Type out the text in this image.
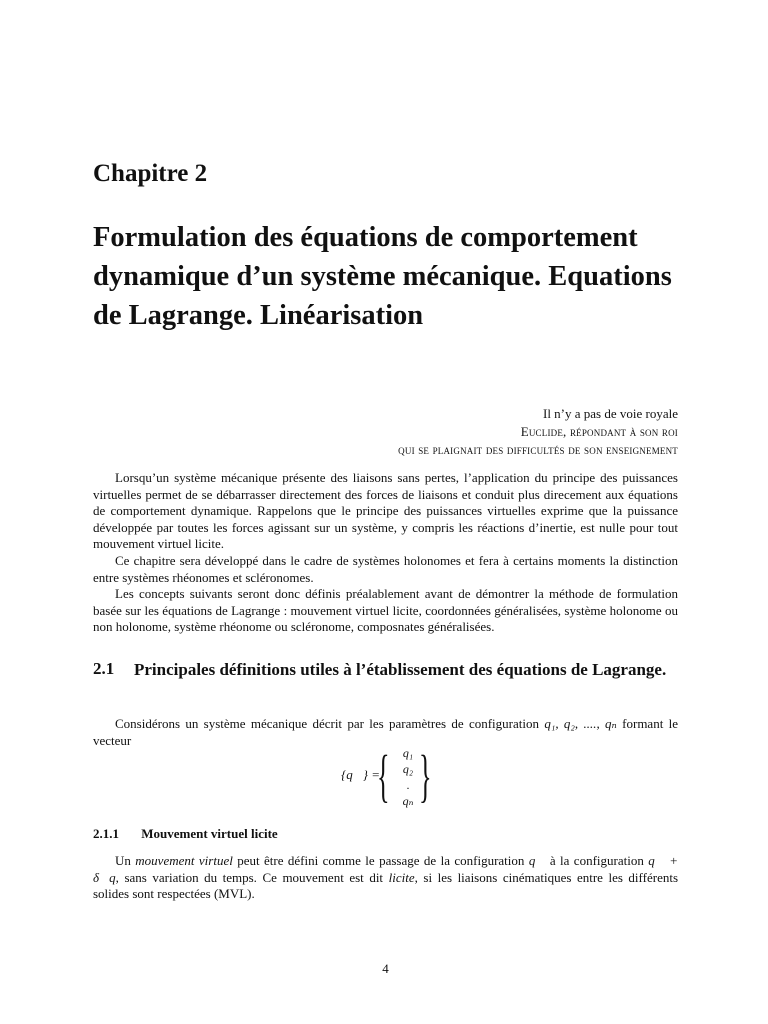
Chapitre 2
Formulation des équations de comportement dynamique d’un système mécanique. Equations de Lagrange. Linéarisation
Il n’y a pas de voie royale
Euclide, répondant à son roi
qui se plaignait des difficultés de son enseignement

Lorsqu’un système mécanique présente des liaisons sans pertes, l’application du principe des puissances virtuelles permet de se débarrasser directement des forces de liaisons et conduit plus direcement aux équations de comportement dynamique. Rappelons que le principe des puissances virtuelles exprime que la puissance développée par toutes les forces agissant sur un système, y compris les réactions d’inertie, est nulle pour tout mouvement virtuel licite.

Ce chapitre sera développé dans le cadre de systèmes holonomes et fera à certains moments la distinction entre systèmes rhéonomes et scléronomes.

Les concepts suivants seront donc définis préalablement avant de démontrer la méthode de formulation basée sur les équations de Lagrange : mouvement virtuel licite, coordonnées généralisées, système holonome ou non holonome, système rhéonome ou scléronome, composnates généralisées.

2.1 Principales définitions utiles à l’établissement des équations de Lagrange.

Considérons un système mécanique décrit par les paramètres de configuration q₁, q₂, ...., qₙ formant le vecteur

{q⃗} =
{	q₁
q₂
.
qₙ }
2.1.1 Mouvement virtuel licite

Un mouvement virtuel peut être défini comme le passage de la configuration q⃗ à la configuration q⃗ + δ⃗q, sans variation du temps. Ce mouvement est dit licite, si les liaisons cinématiques entre les différents solides sont respectées (MVL).

4
